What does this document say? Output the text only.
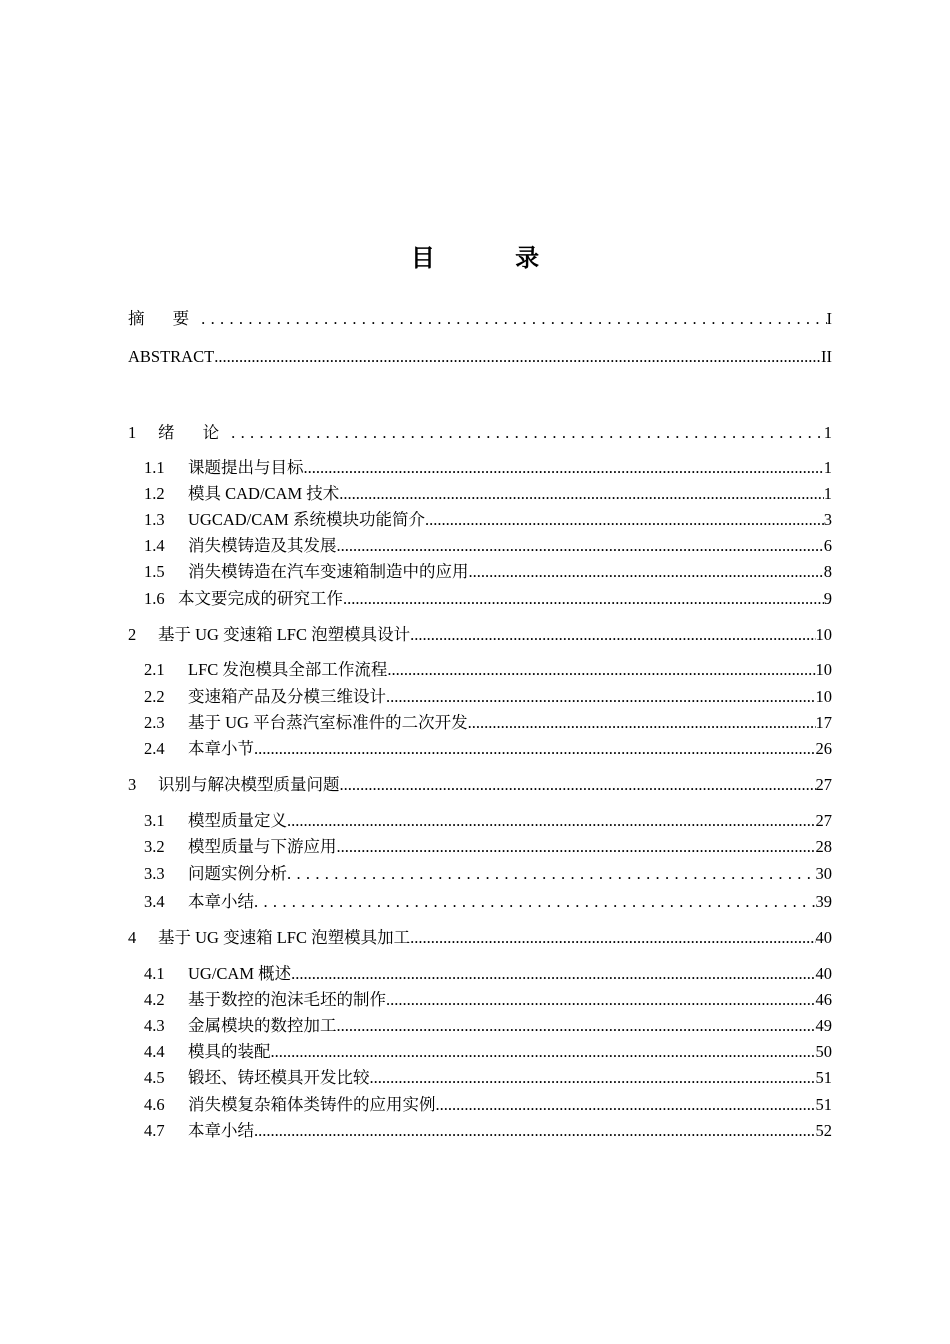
目 录
摘 要 . . .	I
ABSTRACT .....	II
1	绪 论 . . .	1
1.1	课题提出与目标 .....	1
1.2	模具 CAD/CAM 技术 .....	1
1.3	UGCAD/CAM 系统模块功能简介 .....	3
1.4	消失模铸造及其发展 .....	6
1.5	消失模铸造在汽车变速箱制造中的应用 .....	8
1.6 本文要完成的研究工作 .....	9
2	基于 UG 变速箱 LFC 泡塑模具设计 .....	10
2.1	LFC 发泡模具全部工作流程 .....	10
2.2	变速箱产品及分模三维设计 .....	10
2.3	基于 UG 平台蒸汽室标准件的二次开发 .....	17
2.4	本章小节 .....	26
3	识别与解决模型质量问题 .....	27
3.1	模型质量定义 .....	27
3.2	模型质量与下游应用 .....	28
3.3	问题实例分析 . . .	30
3.4	本章小结 . . .	39
4	基于 UG 变速箱 LFC 泡塑模具加工 .....	40
4.1	UG/CAM 概述 .....	40
4.2	基于数控的泡沫毛坯的制作 .....	46
4.3	金属模块的数控加工 .....	49
4.4	模具的装配 .....	50
4.5	锻坯、铸坯模具开发比较 .....	51
4.6	消失模复杂箱体类铸件的应用实例 .....	51
4.7	本章小结 .....	52
